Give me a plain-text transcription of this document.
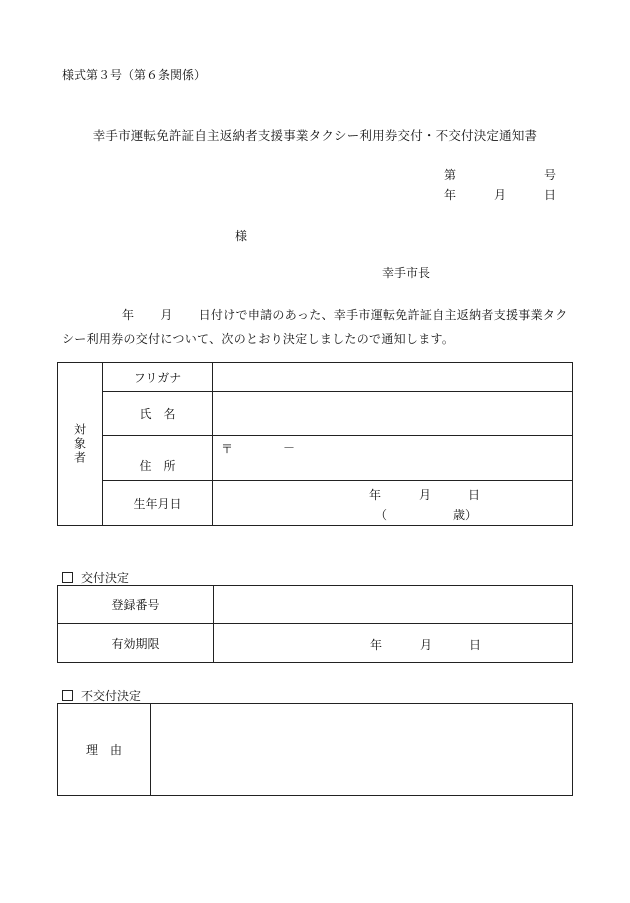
様式第３号（第６条関係）
幸手市運転免許証自主返納者支援事業タクシー利用券交付・不交付決定通知書
第	号
年	月	日
様
幸手市長
年 月 日付けで申請のあった、幸手市運転免許証自主返納者支援事業タクシー利用券の交付について、次のとおり決定しましたので通知します。
対象者	フリガナ	
	氏　名	
	住　所	〒 －

	生年月日	年 月 日
（ 歳）
交付決定
登録番号	
有効期限	年 月 日
不交付決定
理　由	
